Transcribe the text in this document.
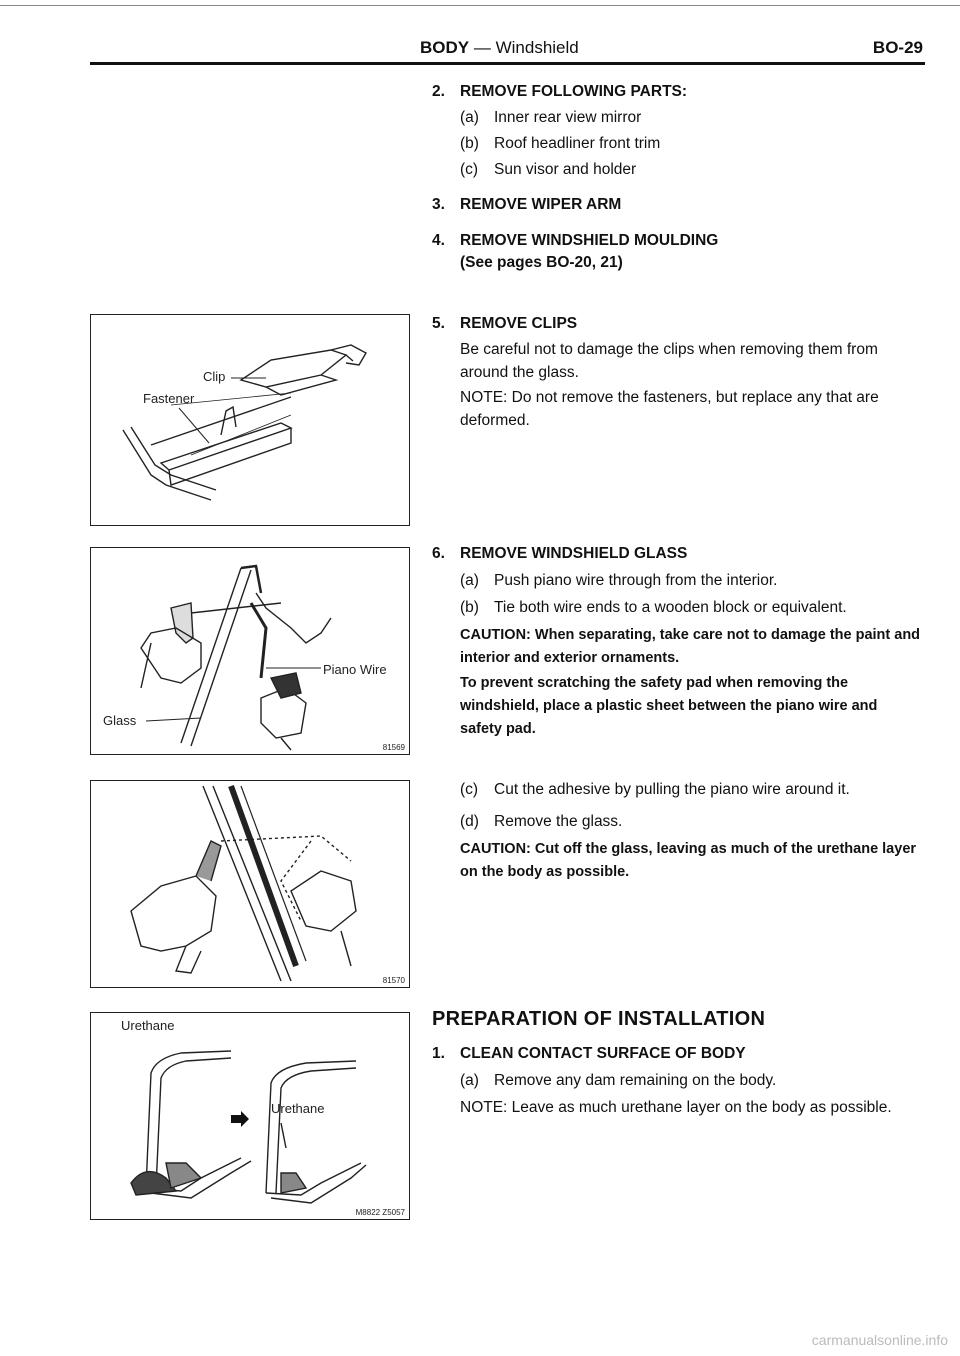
BODY — Windshield	BO-29
2. REMOVE FOLLOWING PARTS:
(a) Inner rear view mirror
(b) Roof headliner front trim
(c) Sun visor and holder
3. REMOVE WIPER ARM
4. REMOVE WINDSHIELD MOULDING
(See pages BO-20, 21)
5. REMOVE CLIPS
Be careful not to damage the clips when removing them from around the glass.
NOTE: Do not remove the fasteners, but replace any that are deformed.
6. REMOVE WINDSHIELD GLASS
(a) Push piano wire through from the interior.
(b) Tie both wire ends to a wooden block or equivalent.
CAUTION: When separating, take care not to damage the paint and interior and exterior ornaments.
To prevent scratching the safety pad when removing the windshield, place a plastic sheet between the piano wire and safety pad.
(c) Cut the adhesive by pulling the piano wire around it.
(d) Remove the glass.
CAUTION: Cut off the glass, leaving as much of the urethane layer on the body as possible.
PREPARATION OF INSTALLATION
1. CLEAN CONTACT SURFACE OF BODY
(a) Remove any dam remaining on the body.
NOTE: Leave as much urethane layer on the body as possible.
Clip
Fastener
Piano Wire
Glass
81569
81570
Urethane
Urethane
M8822 Z5057
carmanualsonline.info
